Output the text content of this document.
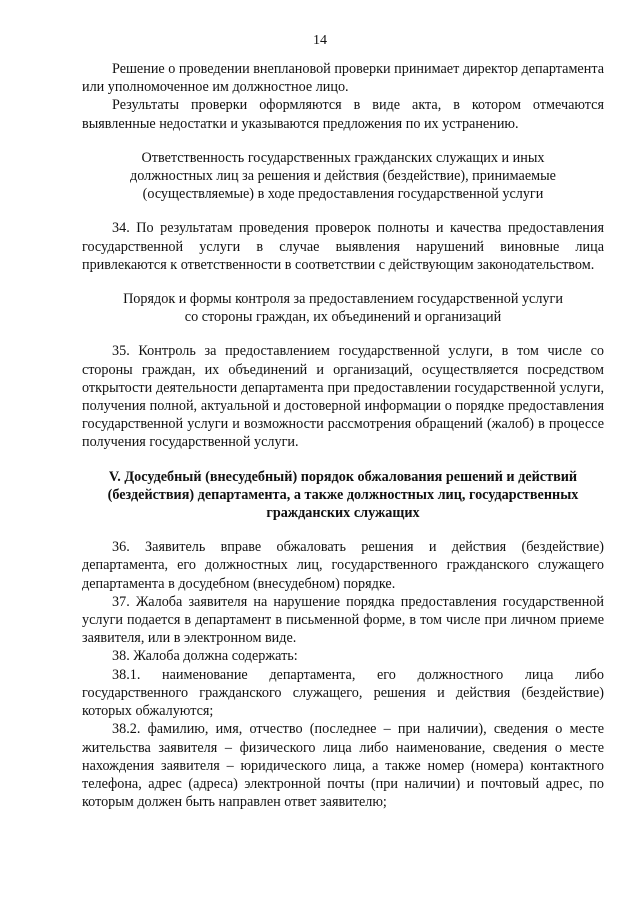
14

Решение о проведении внеплановой проверки принимает директор департамента или уполномоченное им должностное лицо.

Результаты проверки оформляются в виде акта, в котором отмечаются выявленные недостатки и указываются предложения по их устранению.

Ответственность государственных гражданских служащих и иных должностных лиц за решения и действия (бездействие), принимаемые (осуществляемые) в ходе предоставления государственной услуги

34. По результатам проведения проверок полноты и качества предоставления государственной услуги в случае выявления нарушений виновные лица привлекаются к ответственности в соответствии с действующим законодательством.

Порядок и формы контроля за предоставлением государственной услуги со стороны граждан, их объединений и организаций

35. Контроль за предоставлением государственной услуги, в том числе со стороны граждан, их объединений и организаций, осуществляется посредством открытости деятельности департамента при предоставлении государственной услуги, получения полной, актуальной и достоверной информации о порядке предоставления государственной услуги и возможности рассмотрения обращений (жалоб) в процессе получения государственной услуги.

V. Досудебный (внесудебный) порядок обжалования решений и действий (бездействия) департамента, а также должностных лиц, государственных гражданских служащих

36. Заявитель вправе обжаловать решения и действия (бездействие) департамента, его должностных лиц, государственного гражданского служащего департамента в досудебном (внесудебном) порядке.

37. Жалоба заявителя на нарушение порядка предоставления государственной услуги подается в департамент в письменной форме, в том числе при личном приеме заявителя, или в электронном виде.

38. Жалоба должна содержать:

38.1. наименование департамента, его должностного лица либо государственного гражданского служащего, решения и действия (бездействие) которых обжалуются;

38.2. фамилию, имя, отчество (последнее – при наличии), сведения о месте жительства заявителя – физического лица либо наименование, сведения о месте нахождения заявителя – юридического лица, а также номер (номера) контактного телефона, адрес (адреса) электронной почты (при наличии) и почтовый адрес, по которым должен быть направлен ответ заявителю;
